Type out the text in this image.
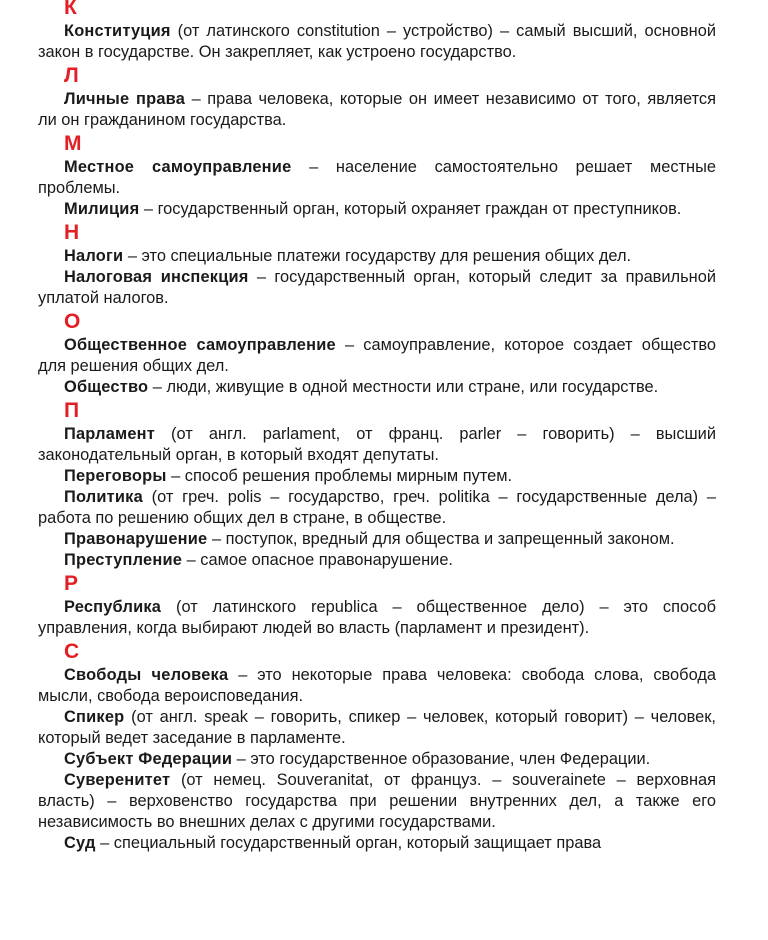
К

Конституция (от латинского constitution – устройство) – самый высший, основной закон в государстве. Он закрепляет, как устроено государство.

Л

Личные права – права человека, которые он имеет независимо от того, является ли он гражданином государства.

М

Местное самоуправление – население самостоятельно решает местные проблемы.

Милиция – государственный орган, который охраняет граждан от преступников.

Н

Налоги – это специальные платежи государству для решения общих дел.

Налоговая инспекция – государственный орган, который следит за правильной уплатой налогов.

О

Общественное самоуправление – самоуправление, которое создает общество для решения общих дел.

Общество – люди, живущие в одной местности или стране, или государстве.

П

Парламент (от англ. parlament, от франц. parler – говорить) – высший законодательный орган, в который входят депутаты.

Переговоры – способ решения проблемы мирным путем.

Политика (от греч. polis – государство, греч. politika – государственные дела) – работа по решению общих дел в стране, в обществе.

Правонарушение – поступок, вредный для общества и запрещенный законом.

Преступление – самое опасное правонарушение.

Р

Республика (от латинского republica – общественное дело) – это способ управления, когда выбирают людей во власть (парламент и президент).

С

Свободы человека – это некоторые права человека: свобода слова, свобода мысли, свобода вероисповедания.

Спикер (от англ. speak – говорить, спикер – человек, который говорит) – человек, который ведет заседание в парламенте.

Субъект Федерации – это государственное образование, член Федерации.

Суверенитет (от немец. Souveranitat, от француз. – souverainete – верховная власть) – верховенство государства при решении внутренних дел, а также его независимость во внешних делах с другими государствами.

Суд – специальный государственный орган, который защищает права
